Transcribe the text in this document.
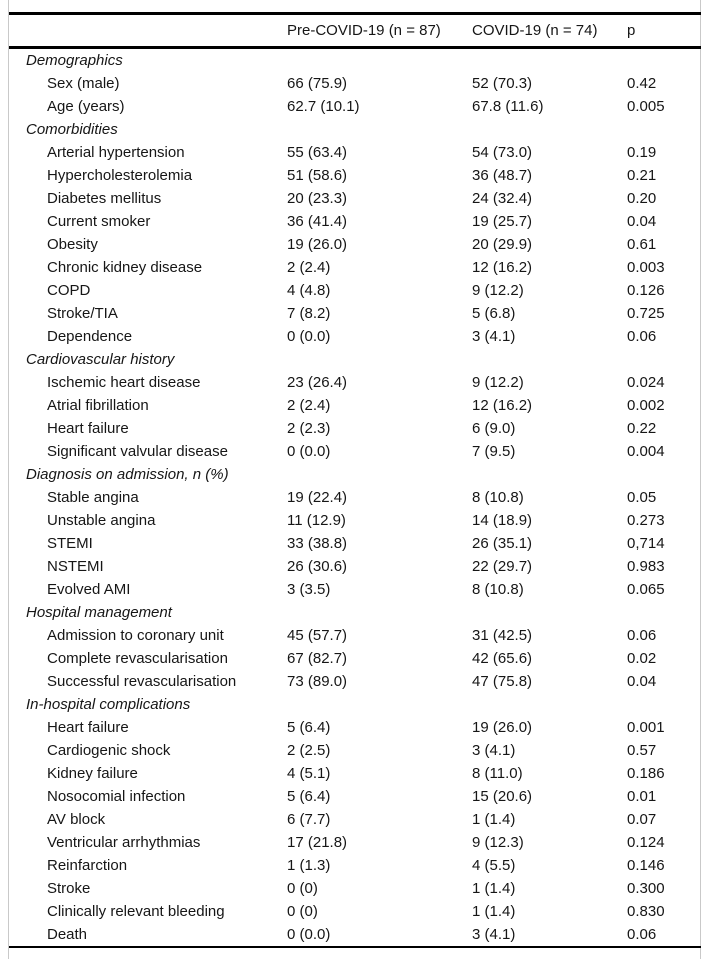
	Pre-COVID-19 (n = 87)	COVID-19 (n = 74)	p
Demographics			
Sex (male)	66 (75.9)	52 (70.3)	0.42
Age (years)	62.7 (10.1)	67.8 (11.6)	0.005
Comorbidities			
Arterial hypertension	55 (63.4)	54 (73.0)	0.19
Hypercholesterolemia	51 (58.6)	36 (48.7)	0.21
Diabetes mellitus	20 (23.3)	24 (32.4)	0.20
Current smoker	36 (41.4)	19 (25.7)	0.04
Obesity	19 (26.0)	20 (29.9)	0.61
Chronic kidney disease	2 (2.4)	12 (16.2)	0.003
COPD	4 (4.8)	9 (12.2)	0.126
Stroke/TIA	7 (8.2)	5 (6.8)	0.725
Dependence	0 (0.0)	3 (4.1)	0.06
Cardiovascular history			
Ischemic heart disease	23 (26.4)	9 (12.2)	0.024
Atrial fibrillation	2 (2.4)	12 (16.2)	0.002
Heart failure	2 (2.3)	6 (9.0)	0.22
Significant valvular disease	0 (0.0)	7 (9.5)	0.004
Diagnosis on admission, n (%)			
Stable angina	19 (22.4)	8 (10.8)	0.05
Unstable angina	11 (12.9)	14 (18.9)	0.273
STEMI	33 (38.8)	26 (35.1)	0,714
NSTEMI	26 (30.6)	22 (29.7)	0.983
Evolved AMI	3 (3.5)	8 (10.8)	0.065
Hospital management			
Admission to coronary unit	45 (57.7)	31 (42.5)	0.06
Complete revascularisation	67 (82.7)	42 (65.6)	0.02
Successful revascularisation	73 (89.0)	47 (75.8)	0.04
In-hospital complications			
Heart failure	5 (6.4)	19 (26.0)	0.001
Cardiogenic shock	2 (2.5)	3 (4.1)	0.57
Kidney failure	4 (5.1)	8 (11.0)	0.186
Nosocomial infection	5 (6.4)	15 (20.6)	0.01
AV block	6 (7.7)	1 (1.4)	0.07
Ventricular arrhythmias	17 (21.8)	9 (12.3)	0.124
Reinfarction	1 (1.3)	4 (5.5)	0.146
Stroke	0 (0)	1 (1.4)	0.300
Clinically relevant bleeding	0 (0)	1 (1.4)	0.830
Death	0 (0.0)	3 (4.1)	0.06
